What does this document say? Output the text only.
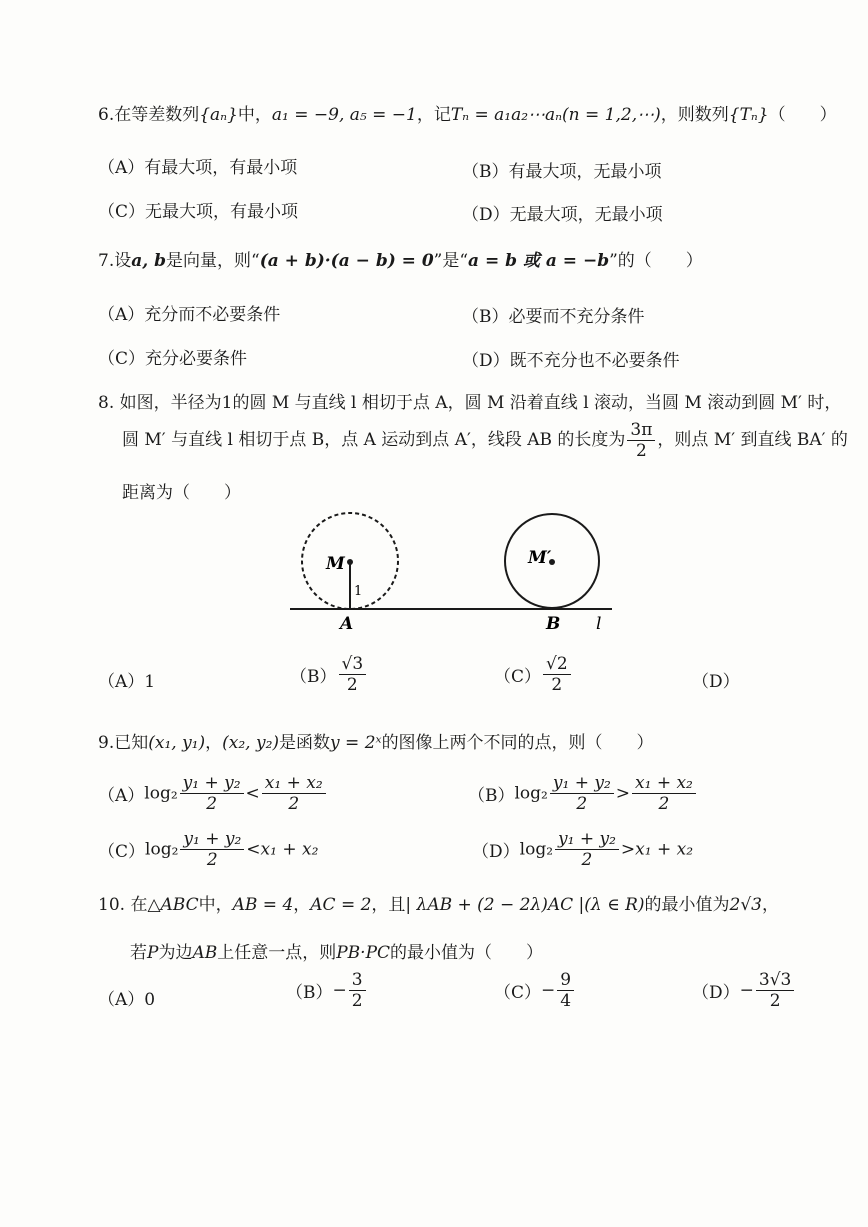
6.在等差数列{aₙ}中，a₁ = −9, a₅ = −1，记Tₙ = a₁a₂⋯aₙ(n = 1,2,⋯)，则数列{Tₙ}（　　）
（A）有最大项，有最小项	（B）有最大项，无最小项
（C）无最大项，有最小项	（D）无最大项，无最小项
7.设a, b是向量，则“(a + b)·(a − b) = 0”是“a = b 或 a = −b”的（　　）
（A）充分而不必要条件	（B）必要而不充分条件
（C）充分必要条件	（D）既不充分也不必要条件
8. 如图，半径为1的圆 M 与直线 l 相切于点 A，圆 M 沿着直线 l 滚动，当圆 M 滚动到圆 M′ 时，
圆 M′ 与直线 l 相切于点 B，点 A 运动到点 A′，线段 AB 的长度为 $\frac{3\pi}{2}$ ，则点 M′ 到直线 BA′ 的
距离为（　　）
M	M′
1
A	B l
（A）1	$(B) \frac{√3}{2}$	$(C) \frac{√2}{2}$	（D）
9.已知(x₁, y₁)，(x₂, y₂)是函数y = 2ˣ的图像上两个不同的点，则（　　）
$(A)\log_2 \frac{\text{y₁ + y₂}}{2} < \frac{\text{x₁ + x₂}}{2}$	$(B)\log_2 \frac{\text{y₁ + y₂}}{2} > \frac{\text{x₁ + x₂}}{2}$
$(C)\log_2 \frac{\text{y₁ + y₂}}{2} <x_1 + x_2$	$(D)\log_2 \frac{\text{y₁ + y₂}}{2} >x_1 + x_2$
10. 在△ABC中，AB = 4，AC = 2，且| λAB + (2 − 2λ)AC |(λ ∈ R)的最小值为2√3，
若P为边AB上任意一点，则PB·PC的最小值为（　　）
（A）0	$(B)- \frac{3}{2}$	$(C)- \frac{9}{4}$	$(D)- \frac{3√3}{2}$
